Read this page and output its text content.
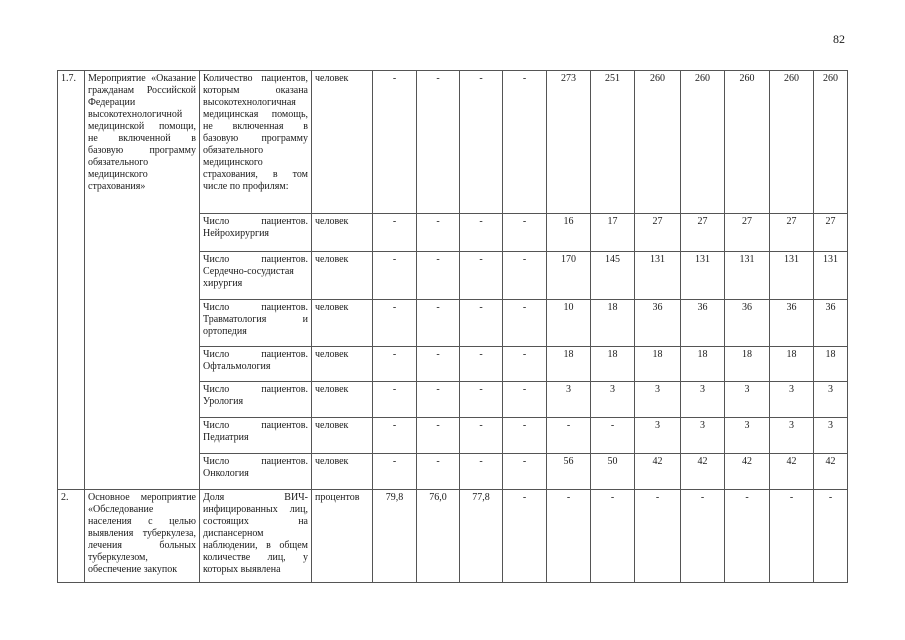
82
1.7.	Мероприятие «Оказание гражданам Российской Федерации высокотехнологичной медицинской помощи, не включенной в базовую программу обязательного медицинского страхования»	Количество пациентов, которым оказана высокотехнологичная медицинская помощь, не включенная в базовую программу обязательного медицинского страхования, в том числе по профилям:	человек	-	-	-	-	273	251	260	260	260	260	260
		Число пациентов. Нейрохирургия	человек	-	-	-	-	16	17	27	27	27	27	27
		Число пациентов. Сердечно-сосудистая хирургия	человек	-	-	-	-	170	145	131	131	131	131	131
		Число пациентов. Травматология и ортопедия	человек	-	-	-	-	10	18	36	36	36	36	36
		Число пациентов. Офтальмология	человек	-	-	-	-	18	18	18	18	18	18	18
		Число пациентов. Урология	человек	-	-	-	-	3	3	3	3	3	3	3
		Число пациентов. Педиатрия	человек	-	-	-	-	-	-	3	3	3	3	3
		Число пациентов. Онкология	человек	-	-	-	-	56	50	42	42	42	42	42
2.	Основное мероприятие «Обследование населения с целью выявления туберкулеза, лечения больных туберкулезом, обеспечение закупок	Доля ВИЧ-инфицированных лиц, состоящих на диспансерном наблюдении, в общем количестве лиц, у которых выявлена	процентов	79,8	76,0	77,8	-	-	-	-	-	-	-	-
